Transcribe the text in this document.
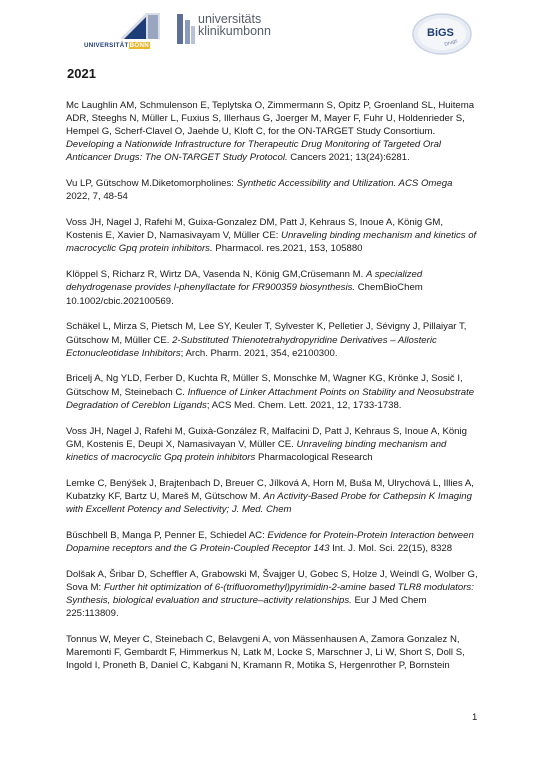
UNIVERSITÄTBONN
universitäts
klinikumbonn	BiGS
Drugs
2021

Mc Laughlin AM, Schmulenson E, Teplytska O, Zimmermann S, Opitz P, Groenland SL, Huitema ADR, Steeghs N, Müller L, Fuxius S, Illerhaus G, Joerger M, Mayer F, Fuhr U, Holdenrieder S, Hempel G, Scherf-Clavel O, Jaehde U, Kloft C, for the ON-TARGET Study Consortium. Developing a Nationwide Infrastructure for Therapeutic Drug Monitoring of Targeted Oral Anticancer Drugs: The ON-TARGET Study Protocol. Cancers 2021; 13(24):6281.

Vu LP, Gütschow M.Diketomorpholines: Synthetic Accessibility and Utilization. ACS Omega 2022, 7, 48-54

Voss JH, Nagel J, Rafehi M, Guixa-Gonzalez DM, Patt J, Kehraus S, Inoue A, König GM, Kostenis E, Xavier D, Namasivayam V, Müller CE: Unraveling binding mechanism and kinetics of macrocyclic Gpq protein inhibitors. Pharmacol. res.2021, 153, 105880

Klöppel S, Richarz R, Wirtz DA, Vasenda N, König GM,Crüsemann M. A specialized dehydrogenase provides l-phenyllactate for FR900359 biosynthesis. ChemBioChem 10.1002/cbic.202100569.

Schäkel L, Mirza S, Pietsch M, Lee SY, Keuler T, Sylvester K, Pelletier J, Sévigny J, Pillaiyar T, Gütschow M, Müller CE. 2-Substituted Thienotetrahydropyridine Derivatives – Allosteric Ectonucleotidase Inhibitors; Arch. Pharm. 2021, 354, e2100300.

Bricelj A, Ng YLD, Ferber D, Kuchta R, Müller S, Monschke M, Wagner KG, Krönke J, Sosič I, Gütschow M, Steinebach C. Influence of Linker Attachment Points on Stability and Neosubstrate Degradation of Cereblon Ligands; ACS Med. Chem. Lett. 2021, 12, 1733-1738.

Voss JH, Nagel J, Rafehi M, Guixà-González R, Malfacini D, Patt J, Kehraus S, Inoue A, König GM, Kostenis E, Deupi X, Namasivayan V, Müller CE. Unraveling binding mechanism and kinetics of macrocyclic Gpq protein inhibitors Pharmacological Research

Lemke C, Benýšek J, Brajtenbach D, Breuer C, Jílková A, Horn M, Buša M, Ulrychová L, Illies A, Kubatzky KF, Bartz U, Mareš M, Gütschow M. An Activity-Based Probe for Cathepsin K Imaging with Excellent Potency and Selectivity; J. Med. Chem

Büschbell B, Manga P, Penner E, Schiedel AC: Evidence for Protein-Protein Interaction between Dopamine receptors and the G Protein-Coupled Receptor 143 Int. J. Mol. Sci. 22(15), 8328

Dolšak A, Šribar D, Scheffler A, Grabowski M, Švajger U, Gobec S, Holze J, Weindl G, Wolber G, Sova M: Further hit optimization of 6-(trifluoromethyl)pyrimidin-2-amine based TLR8 modulators: Synthesis, biological evaluation and structure–activity relationships. Eur J Med Chem 225:113809.

Tonnus W, Meyer C, Steinebach C, Belavgeni A, von Mässenhausen A, Zamora Gonzalez N, Maremonti F, Gembardt F, Himmerkus N, Latk M, Locke S, Marschner J, Li W, Short S, Doll S, Ingold I, Proneth B, Daniel C, Kabgani N, Kramann R, Motika S, Hergenrother P, Bornstein

1
